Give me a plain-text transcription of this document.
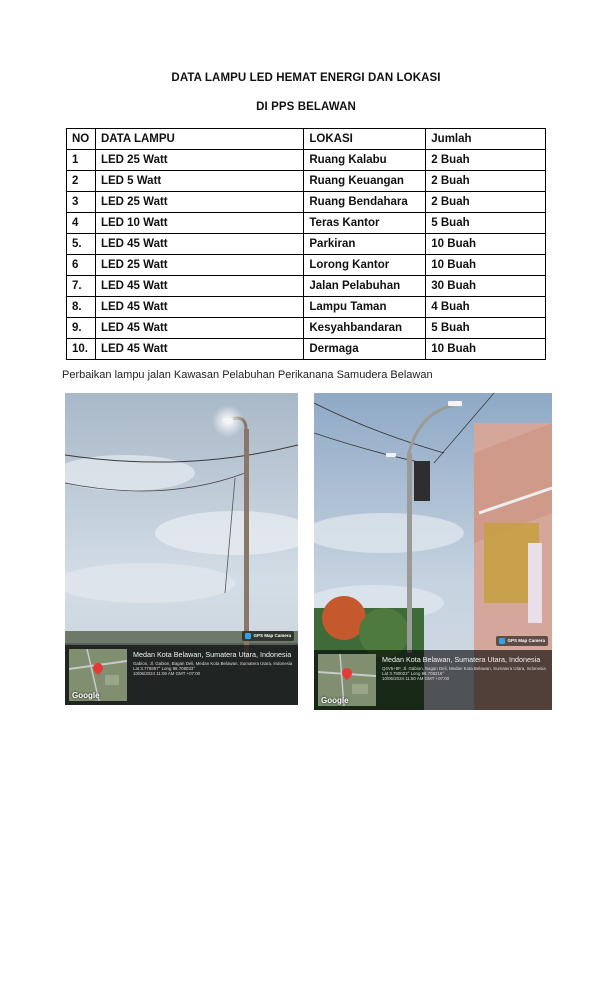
DATA LAMPU LED HEMAT ENERGI DAN LOKASI
DI PPS BELAWAN
NO	DATA LAMPU	LOKASI	Jumlah
1	LED 25 Watt	Ruang Kalabu	2 Buah
2	LED 5 Watt	Ruang Keuangan	2 Buah
3	LED 25 Watt	Ruang Bendahara	2 Buah
4	LED 10 Watt	Teras Kantor	5 Buah
5.	LED 45 Watt	Parkiran	10 Buah
6	LED 25 Watt	Lorong Kantor	10 Buah
7.	LED 45 Watt	Jalan Pelabuhan	30 Buah
8.	LED 45 Watt	Lampu Taman	4 Buah
9.	LED 45 Watt	Kesyahbandaran	5 Buah
10.	LED 45 Watt	Dermaga	10 Buah
Perbaikan lampu jalan Kawasan Pelabuhan Perikanana Samudera Belawan
GPS Map Camera
Google
Medan Kota Belawan, Sumatera Utara, Indonesia
Gabion, Jl. Gabion, Bagan Deli, Medan Kota Belawan, Sumatera Utara, Indonesia
Lat 3.776997° Long 98.708033°
10/06/2024 11:09 AM GMT +07:00
GPS Map Camera
Google
Medan Kota Belawan, Sumatera Utara, Indonesia
Q4V5+9F, Jl. Gabion, Bagan Deli, Medan Kota Belawan, Sumatera Utara, Indonesia
Lat 3.780022° Long 98.708216°
10/06/2024 11:50 AM GMT +07:00
